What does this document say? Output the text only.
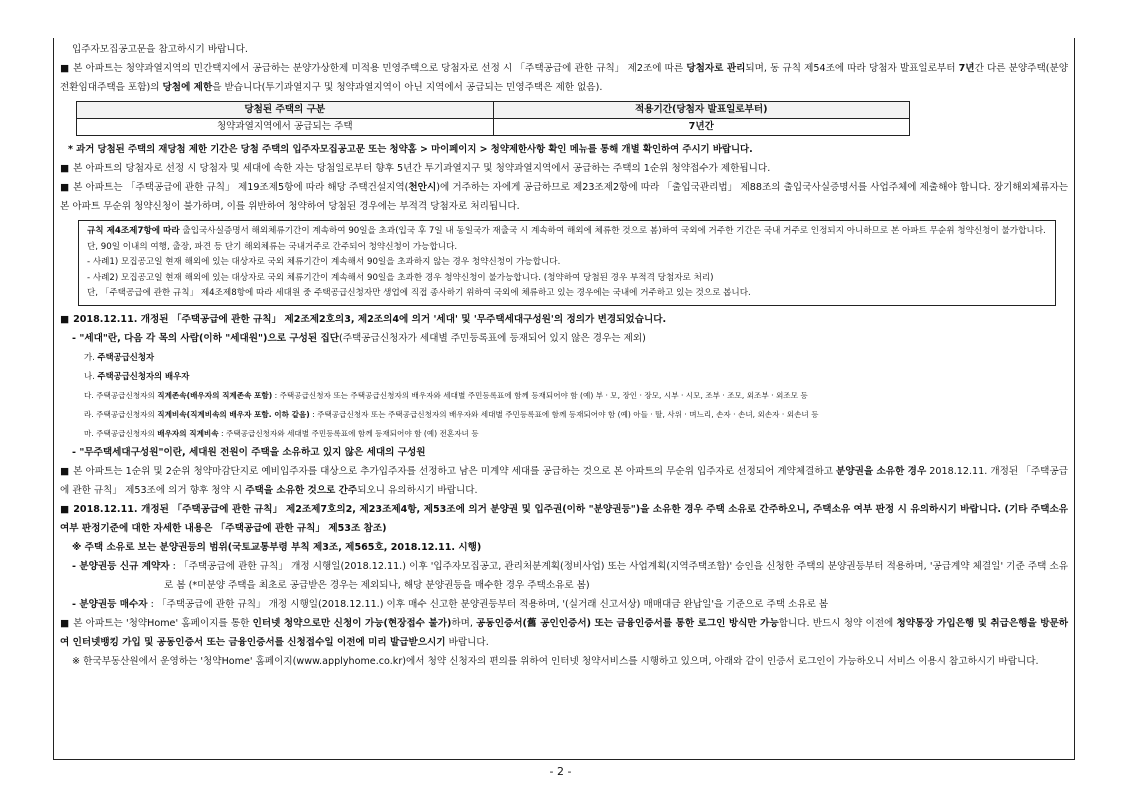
입주자모집공고문을 참고하시기 바랍니다.
■ 본 아파트는 청약과열지역의 민간택지에서 공급하는 분양가상한제 미적용 민영주택으로 당첨자로 선정 시 「주택공급에 관한 규칙」 제2조에 따른 당첨자로 관리되며, 동 규칙 제54조에 따라 당첨자 발표일로부터 7년간 다른 분양주택(분양전환임대주택을 포함)의 당첨에 제한을 받습니다(투기과열지구 및 청약과열지역이 아닌 지역에서 공급되는 민영주택은 제한 없음).
당첨된 주택의 구분	적용기간(당첨자 발표일로부터)
청약과열지역에서 공급되는 주택	7년간
* 과거 당첨된 주택의 재당첨 제한 기간은 당첨 주택의 입주자모집공고문 또는 청약홈 > 마이페이지 > 청약제한사항 확인 메뉴를 통해 개별 확인하여 주시기 바랍니다.
■ 본 아파트의 당첨자로 선정 시 당첨자 및 세대에 속한 자는 당첨일로부터 향후 5년간 투기과열지구 및 청약과열지역에서 공급하는 주택의 1순위 청약접수가 제한됩니다.
■ 본 아파트는 「주택공급에 관한 규칙」 제19조제5항에 따라 해당 주택건설지역(천안시)에 거주하는 자에게 공급하므로 제23조제2항에 따라 「출입국관리법」 제88조의 출입국사실증명서를 사업주체에 제출해야 합니다. 장기해외체류자는 본 아파트 무순위 청약신청이 불가하며, 이를 위반하여 청약하여 당첨된 경우에는 부적격 당첨자로 처리됩니다.
규칙 제4조제7항에 따라 출입국사실증명서 해외체류기간이 계속하여 90일을 초과(입국 후 7일 내 동일국가 재출국 시 계속하여 해외에 체류한 것으로 봄)하여 국외에 거주한 기간은 국내 거주로 인정되지 아니하므로 본 아파트 무순위 청약신청이 불가합니다. 단, 90일 이내의 여행, 출장, 파견 등 단기 해외체류는 국내거주로 간주되어 청약신청이 가능합니다.
- 사례1) 모집공고일 현재 해외에 있는 대상자로 국외 체류기간이 계속해서 90일을 초과하지 않는 경우 청약신청이 가능합니다.
- 사례2) 모집공고일 현재 해외에 있는 대상자로 국외 체류기간이 계속해서 90일을 초과한 경우 청약신청이 불가능합니다. (청약하여 당첨된 경우 부적격 당첨자로 처리)
단, 「주택공급에 관한 규칙」 제4조제8항에 따라 세대원 중 주택공급신청자만 생업에 직접 종사하기 위하여 국외에 체류하고 있는 경우에는 국내에 거주하고 있는 것으로 봅니다.
■ 2018.12.11. 개정된 「주택공급에 관한 규칙」 제2조제2호의3, 제2조의4에 의거 '세대' 및 '무주택세대구성원'의 정의가 변경되었습니다.
- "세대"란, 다음 각 목의 사람(이하 "세대원")으로 구성된 집단(주택공급신청자가 세대별 주민등록표에 등재되어 있지 않은 경우는 제외)
가. 주택공급신청자
나. 주택공급신청자의 배우자
다. 주택공급신청자의 직계존속(배우자의 직계존속 포함) : 주택공급신청자 또는 주택공급신청자의 배우자와 세대별 주민등록표에 함께 등재되어야 함 (예) 부 · 모, 장인 · 장모, 시부 · 시모, 조부 · 조모, 외조부 · 외조모 등
라. 주택공급신청자의 직계비속(직계비속의 배우자 포함. 이하 같음) : 주택공급신청자 또는 주택공급신청자의 배우자와 세대별 주민등록표에 함께 등재되어야 함 (예) 아들 · 딸, 사위 · 며느리, 손자 · 손녀, 외손자 · 외손녀 등
마. 주택공급신청자의 배우자의 직계비속 : 주택공급신청자와 세대별 주민등록표에 함께 등재되어야 함 (예) 전혼자녀 등
- "무주택세대구성원"이란, 세대원 전원이 주택을 소유하고 있지 않은 세대의 구성원
■ 본 아파트는 1순위 및 2순위 청약마감단지로 예비입주자를 대상으로 추가입주자를 선정하고 남은 미계약 세대를 공급하는 것으로 본 아파트의 무순위 입주자로 선정되어 계약체결하고 분양권을 소유한 경우 2018.12.11. 개정된 「주택공급에 관한 규칙」 제53조에 의거 향후 청약 시 주택을 소유한 것으로 간주되오니 유의하시기 바랍니다.
■ 2018.12.11. 개정된 「주택공급에 관한 규칙」 제2조제7호의2, 제23조제4항, 제53조에 의거 분양권 및 입주권(이하 "분양권등")을 소유한 경우 주택 소유로 간주하오니, 주택소유 여부 판정 시 유의하시기 바랍니다. (기타 주택소유 여부 판정기준에 대한 자세한 내용은 「주택공급에 관한 규칙」 제53조 참조)
※ 주택 소유로 보는 분양권등의 범위(국토교통부령 부칙 제3조, 제565호, 2018.12.11. 시행)
- 분양권등 신규 계약자 : 「주택공급에 관한 규칙」 개정 시행일(2018.12.11.) 이후 '입주자모집공고, 관리처분계획(정비사업) 또는 사업계획(지역주택조합)' 승인을 신청한 주택의 분양권등부터 적용하며, '공급계약 체결일' 기준 주택 소유로 봄 (*미분양 주택을 최초로 공급받은 경우는 제외되나, 해당 분양권등을 매수한 경우 주택소유로 봄)
- 분양권등 매수자 : 「주택공급에 관한 규칙」 개정 시행일(2018.12.11.) 이후 매수 신고한 분양권등부터 적용하며, '(실거래 신고서상) 매매대금 완납일'을 기준으로 주택 소유로 봄
■ 본 아파트는 '청약Home' 홈페이지를 통한 인터넷 청약으로만 신청이 가능(현장접수 불가)하며, 공동인증서(舊 공인인증서) 또는 금융인증서를 통한 로그인 방식만 가능합니다. 반드시 청약 이전에 청약통장 가입은행 및 취급은행을 방문하여 인터넷뱅킹 가입 및 공동인증서 또는 금융인증서를 신청접수일 이전에 미리 발급받으시기 바랍니다.
※ 한국부동산원에서 운영하는 '청약Home' 홈페이지(www.applyhome.co.kr)에서 청약 신청자의 편의를 위하여 인터넷 청약서비스를 시행하고 있으며, 아래와 같이 인증서 로그인이 가능하오니 서비스 이용시 참고하시기 바랍니다.
- 2 -
